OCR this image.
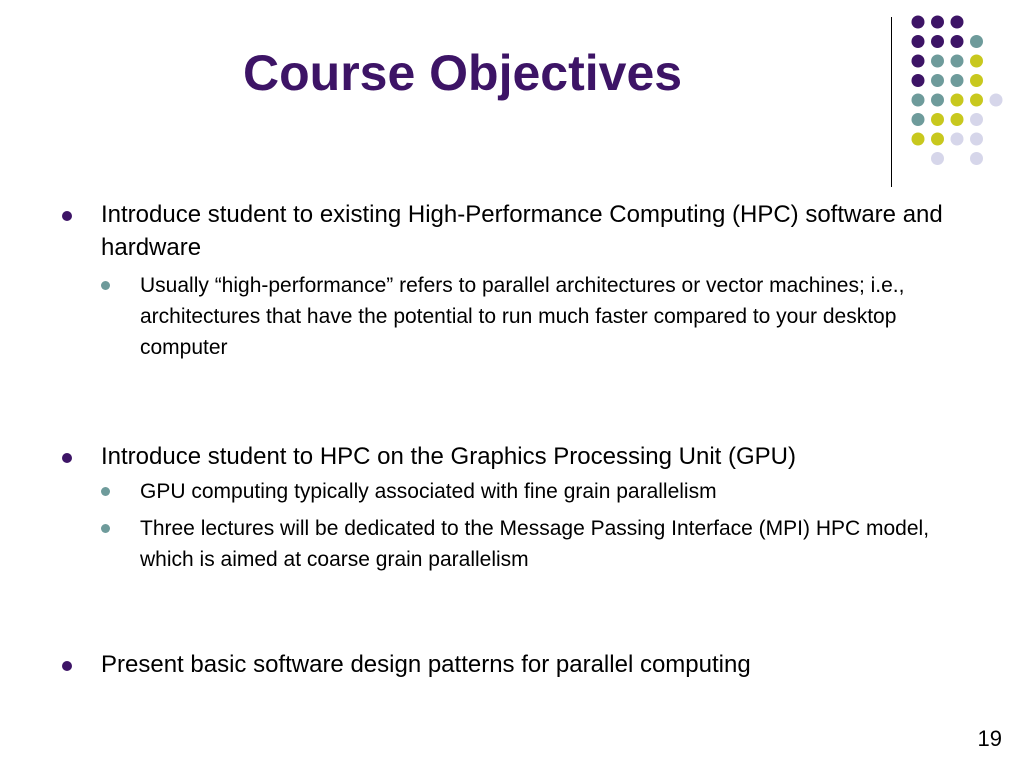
Course Objectives

Introduce student to existing High-Performance Computing (HPC) software and hardware

Usually “high-performance” refers to parallel architectures or vector machines; i.e., architectures that have the potential to run much faster compared to your desktop computer

Introduce student to HPC on the Graphics Processing Unit (GPU)

GPU computing typically associated with fine grain parallelism

Three lectures will be dedicated to the Message Passing Interface (MPI) HPC model, which is aimed at coarse grain parallelism

Present basic software design patterns for parallel computing

19
